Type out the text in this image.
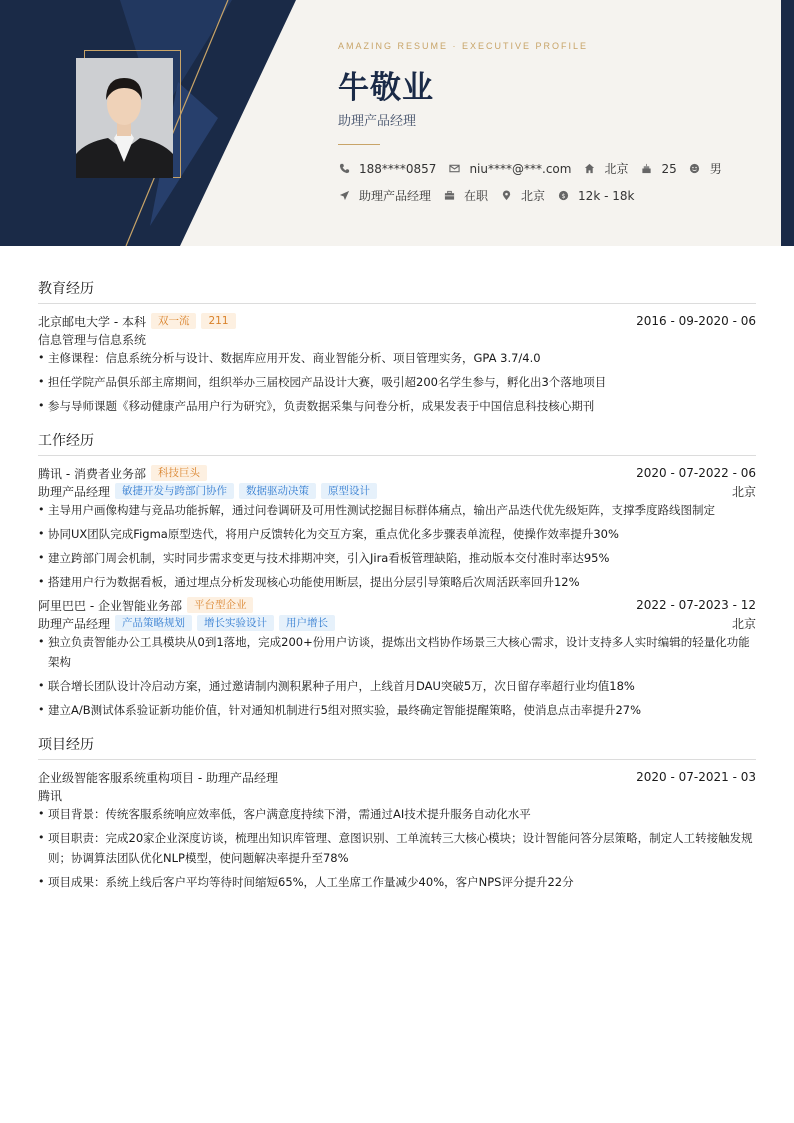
AMAZING RESUME · EXECUTIVE PROFILE
牛敬业
助理产品经理
188****0857	niu****@***.com	北京	25	男
助理产品经理	在职	北京 $ 12k - 18k
教育经历
北京邮电大学 - 本科	双一流	211	2016 - 09-2020 - 06
信息管理与信息系统
• 主修课程：信息系统分析与设计、数据库应用开发、商业智能分析、项目管理实务，GPA 3.7/4.0
• 担任学院产品俱乐部主席期间，组织举办三届校园产品设计大赛，吸引超200名学生参与，孵化出3个落地项目
• 参与导师课题《移动健康产品用户行为研究》，负责数据采集与问卷分析，成果发表于中国信息科技核心期刊
工作经历
腾讯 - 消费者业务部	科技巨头	2020 - 07-2022 - 06
助理产品经理	敏捷开发与跨部门协作	数据驱动决策	原型设计	北京
• 主导用户画像构建与竞品功能拆解，通过问卷调研及可用性测试挖掘目标群体痛点，输出产品迭代优先级矩阵，支撑季度路线图制定
• 协同UX团队完成Figma原型迭代，将用户反馈转化为交互方案，重点优化多步骤表单流程，使操作效率提升30%
• 建立跨部门周会机制，实时同步需求变更与技术排期冲突，引入Jira看板管理缺陷，推动版本交付准时率达95%
• 搭建用户行为数据看板，通过埋点分析发现核心功能使用断层，提出分层引导策略后次周活跃率回升12%
阿里巴巴 - 企业智能业务部	平台型企业	2022 - 07-2023 - 12
助理产品经理	产品策略规划	增长实验设计	用户增长	北京
• 独立负责智能办公工具模块从0到1落地，完成200+份用户访谈，提炼出文档协作场景三大核心需求，设计支持多人实时编辑的轻量化功能架构
• 联合增长团队设计冷启动方案，通过邀请制内测积累种子用户，上线首月DAU突破5万，次日留存率超行业均值18%
• 建立A/B测试体系验证新功能价值，针对通知机制进行5组对照实验，最终确定智能提醒策略，使消息点击率提升27%
项目经历
企业级智能客服系统重构项目 - 助理产品经理	2020 - 07-2021 - 03
腾讯
• 项目背景：传统客服系统响应效率低，客户满意度持续下滑，需通过AI技术提升服务自动化水平
• 项目职责：完成20家企业深度访谈，梳理出知识库管理、意图识别、工单流转三大核心模块；设计智能问答分层策略，制定人工转接触发规则；协调算法团队优化NLP模型，使问题解决率提升至78%
• 项目成果：系统上线后客户平均等待时间缩短65%，人工坐席工作量减少40%，客户NPS评分提升22分
